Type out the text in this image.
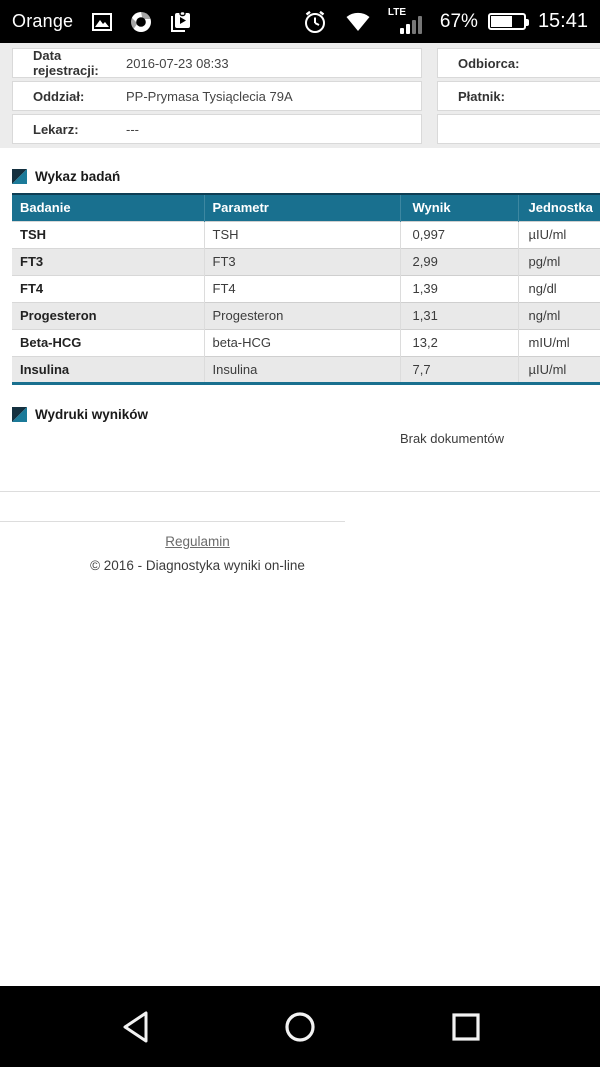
Orange	LTE 67%	15:41
Data rejestracji:	2016-07-23 08:33
Oddział:	PP-Prymasa Tysiąclecia 79A
Lekarz:	---
Odbiorca:
Płatnik:
Wykaz badań
Badanie	Parametr	Wynik	Jednostka
TSH	TSH	0,997	µIU/ml
FT3	FT3	2,99	pg/ml
FT4	FT4	1,39	ng/dl
Progesteron	Progesteron	1,31	ng/ml
Beta-HCG	beta-HCG	13,2	mIU/ml
Insulina	Insulina	7,7	µIU/ml
Wydruki wyników
Brak dokumentów
Regulamin
© 2016 - Diagnostyka wyniki on-line
